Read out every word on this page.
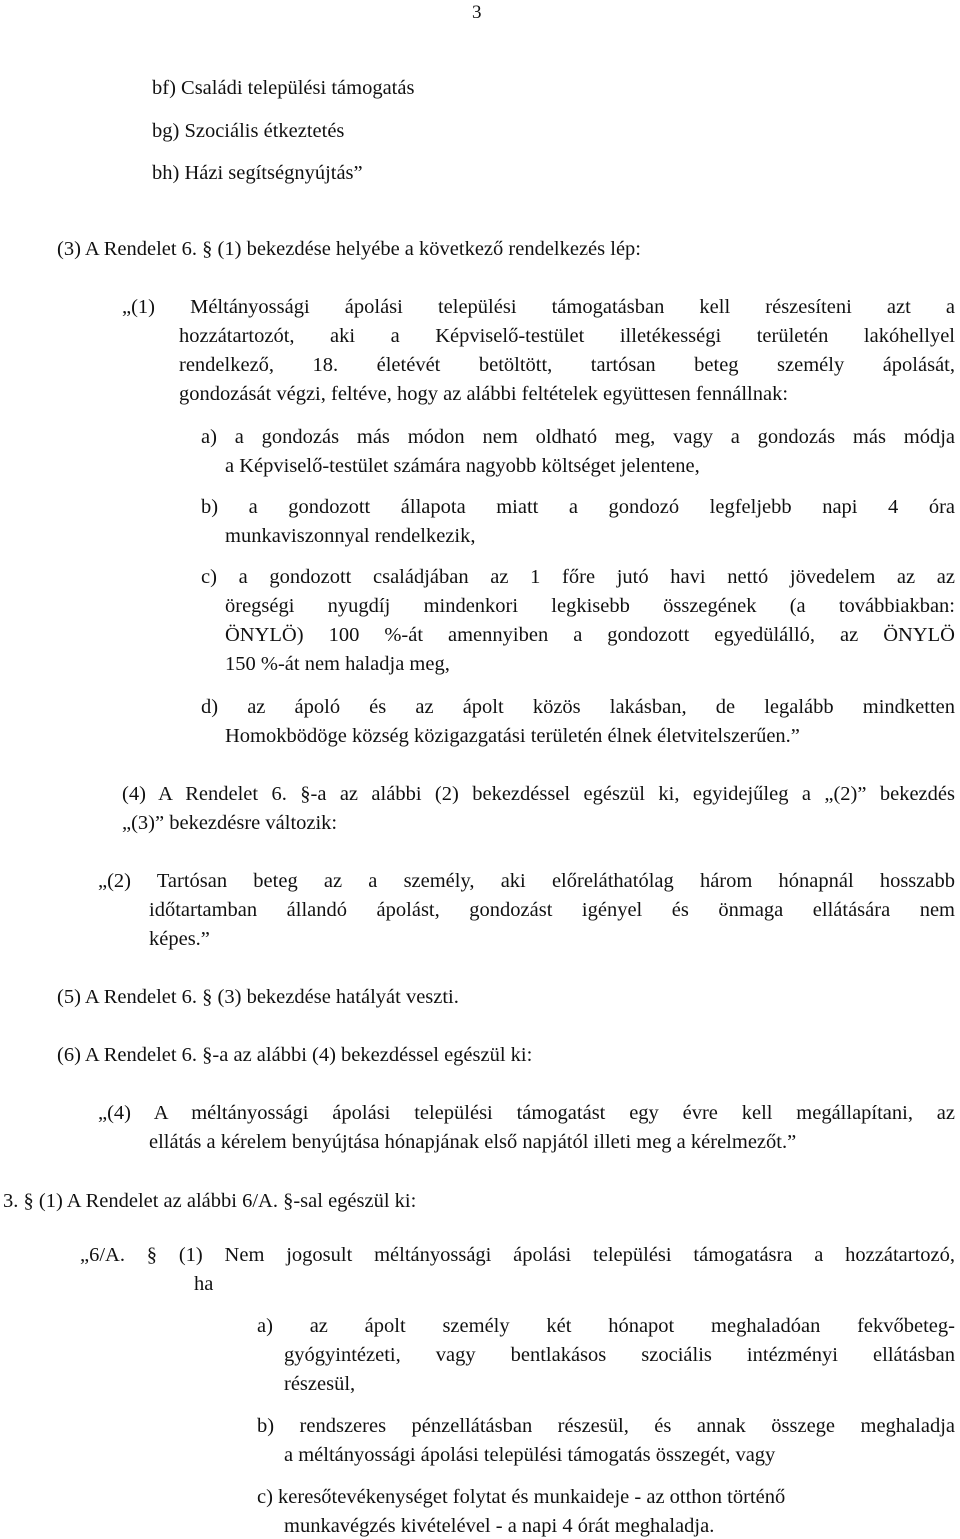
3
bf) Családi települési támogatás
bg) Szociális étkeztetés
bh) Házi segítségnyújtás”
(3) A Rendelet 6. § (1) bekezdése helyébe a következő rendelkezés lép:
„(1) Méltányossági ápolási települési támogatásban kell részesíteni azt a
hozzátartozót, aki a Képviselő-testület illetékességi területén lakóhellyel
rendelkező, 18. életévét betöltött, tartósan beteg személy ápolását,
gondozását végzi, feltéve, hogy az alábbi feltételek együttesen fennállnak:
a) a gondozás más módon nem oldható meg, vagy a gondozás más módja
a Képviselő-testület számára nagyobb költséget jelentene,
b) a gondozott állapota miatt a gondozó legfeljebb napi 4 óra
munkaviszonnyal rendelkezik,
c) a gondozott családjában az 1 főre jutó havi nettó jövedelem az az
öregségi nyugdíj mindenkori legkisebb összegének (a továbbiakban:
ÖNYLÖ) 100 %-át amennyiben a gondozott egyedülálló, az ÖNYLÖ
150 %-át nem haladja meg,
d) az ápoló és az ápolt közös lakásban, de legalább mindketten
Homokbödöge község közigazgatási területén élnek életvitelszerűen.”
(4) A Rendelet 6. §-a az alábbi (2) bekezdéssel egészül ki, egyidejűleg a „(2)” bekezdés
„(3)” bekezdésre változik:
„(2) Tartósan beteg az a személy, aki előreláthatólag három hónapnál hosszabb
időtartamban állandó ápolást, gondozást igényel és önmaga ellátására nem
képes.”
(5) A Rendelet 6. § (3) bekezdése hatályát veszti.
(6) A Rendelet 6. §-a az alábbi (4) bekezdéssel egészül ki:
„(4) A méltányossági ápolási települési támogatást egy évre kell megállapítani, az
ellátás a kérelem benyújtása hónapjának első napjától illeti meg a kérelmezőt.”
3. § (1) A Rendelet az alábbi 6/A. §-sal egészül ki:
„6/A. § (1) Nem jogosult méltányossági ápolási települési támogatásra a hozzátartozó,
ha
a) az ápolt személy két hónapot meghaladóan fekvőbeteg-
gyógyintézeti, vagy bentlakásos szociális intézményi ellátásban
részesül,
b) rendszeres pénzellátásban részesül, és annak összege meghaladja
a méltányossági ápolási települési támogatás összegét, vagy
c) keresőtevékenységet folytat és munkaideje - az otthon történő
munkavégzés kivételével - a napi 4 órát meghaladja.
